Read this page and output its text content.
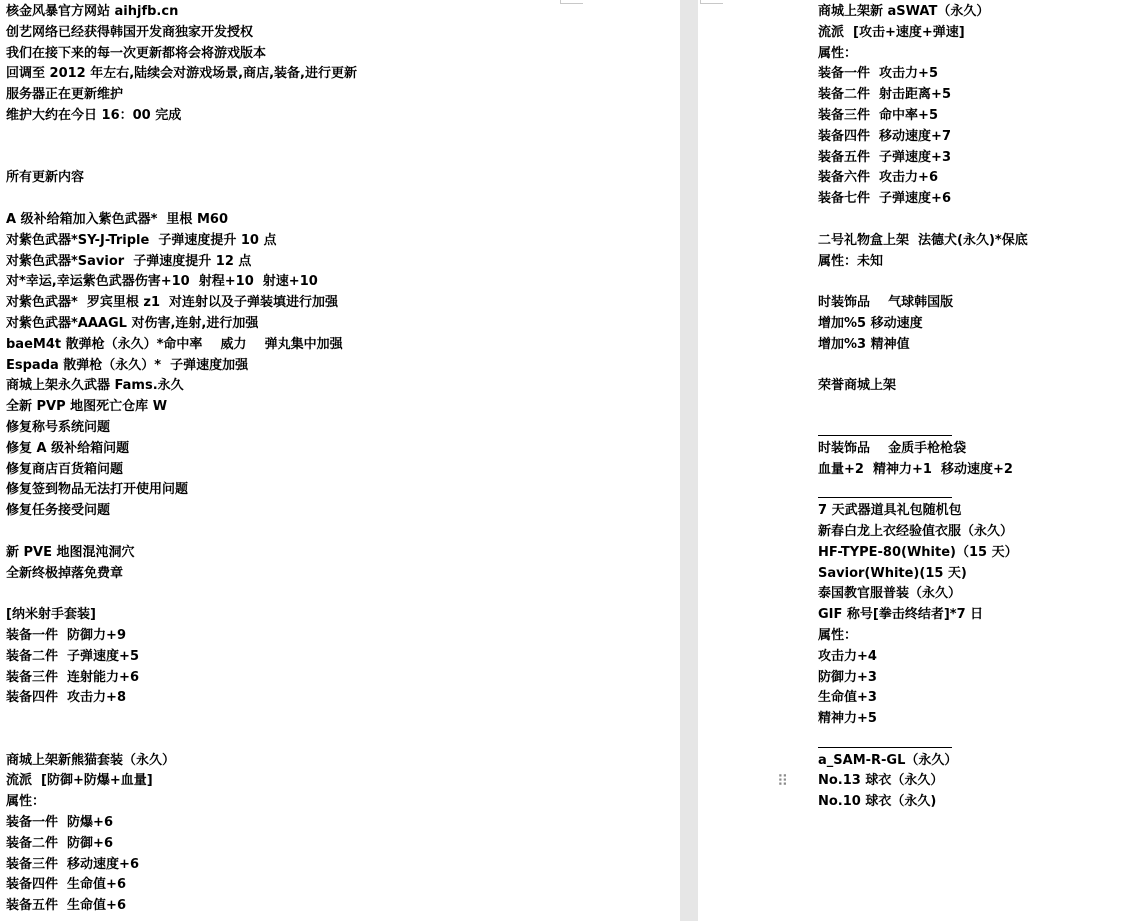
核金风暴官方网站 aihjfb.cn
创艺网络已经获得韩国开发商独家开发授权
我们在接下来的每一次更新都将会将游戏版本
回调至 2012 年左右,陆续会对游戏场景,商店,装备,进行更新
服务器正在更新维护
维护大约在今日 16：00 完成
所有更新内容
A 级补给箱加入紫色武器*  里根 M60
对紫色武器*SY-J-Triple  子弹速度提升 10 点
对紫色武器*Savior  子弹速度提升 12 点
对*幸运,幸运紫色武器伤害+10  射程+10  射速+10
对紫色武器*  罗宾里根 z1  对连射以及子弹装填进行加强
对紫色武器*AAAGL 对伤害,连射,进行加强
baeM4t 散弹枪（永久）*命中率    威力    弹丸集中加强
Espada 散弹枪（永久）*  子弹速度加强
商城上架永久武器 Fams.永久
全新 PVP 地图死亡仓库 W
修复称号系统问题
修复 A 级补给箱问题
修复商店百货箱问题
修复签到物品无法打开使用问题
修复任务接受问题
新 PVE 地图混沌洞穴
全新终极掉落免费章
[纳米射手套装]
装备一件  防御力+9
装备二件  子弹速度+5
装备三件  连射能力+6
装备四件  攻击力+8
商城上架新熊猫套装（永久）
流派  [防御+防爆+血量]
属性：
装备一件  防爆+6
装备二件  防御+6
装备三件  移动速度+6
装备四件  生命值+6
装备五件  生命值+6
商城上架新 aSWAT（永久）
流派  [攻击+速度+弹速]
属性：
装备一件  攻击力+5
装备二件  射击距离+5
装备三件  命中率+5
装备四件  移动速度+7
装备五件  子弹速度+3
装备六件  攻击力+6
装备七件  子弹速度+6
二号礼物盒上架  法德犬(永久)*保底
属性：未知
时装饰品    气球韩国版
增加%5 移动速度
增加%3 精神值
荣誉商城上架
时装饰品    金质手枪枪袋
血量+2  精神力+1  移动速度+2
7 天武器道具礼包随机包
新春白龙上衣经验值衣服（永久）
HF-TYPE-80(White)（15 天）
Savior(White)(15 天)
泰国教官服普装（永久）
GIF 称号[拳击终结者]*7 日
属性：
攻击力+4
防御力+3
生命值+3
精神力+5
a_SAM-R-GL（永久）
No.13 球衣（永久）
No.10 球衣（永久)
⠿
